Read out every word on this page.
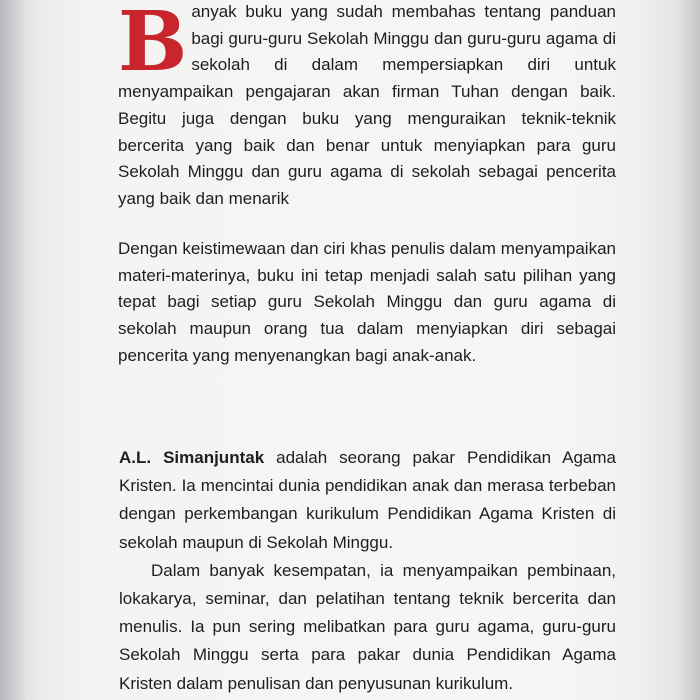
Banyak buku yang sudah membahas tentang panduan bagi guru-guru Sekolah Minggu dan guru-guru agama di sekolah di dalam mempersiapkan diri untuk menyampaikan pengajaran akan firman Tuhan dengan baik. Begitu juga dengan buku yang menguraikan teknik-teknik bercerita yang baik dan benar untuk menyiapkan para guru Sekolah Minggu dan guru agama di sekolah sebagai pencerita yang baik dan menarik

Dengan keistimewaan dan ciri khas penulis dalam menyampaikan materi-materinya, buku ini tetap menjadi salah satu pilihan yang tepat bagi setiap guru Sekolah Minggu dan guru agama di sekolah maupun orang tua dalam menyiapkan diri sebagai pencerita yang menyenangkan bagi anak-anak.

A.L. Simanjuntak adalah seorang pakar Pendidikan Agama Kristen. Ia mencintai dunia pendidikan anak dan merasa terbeban dengan perkembangan kurikulum Pendidikan Agama Kristen di sekolah maupun di Sekolah Minggu.
Dalam banyak kesempatan, ia menyampaikan pembinaan, lokakarya, seminar, dan pelatihan tentang teknik bercerita dan menulis. Ia pun sering melibatkan para guru agama, guru-guru Sekolah Minggu serta para pakar dunia Pendidikan Agama Kristen dalam penulisan dan penyusunan kurikulum.
